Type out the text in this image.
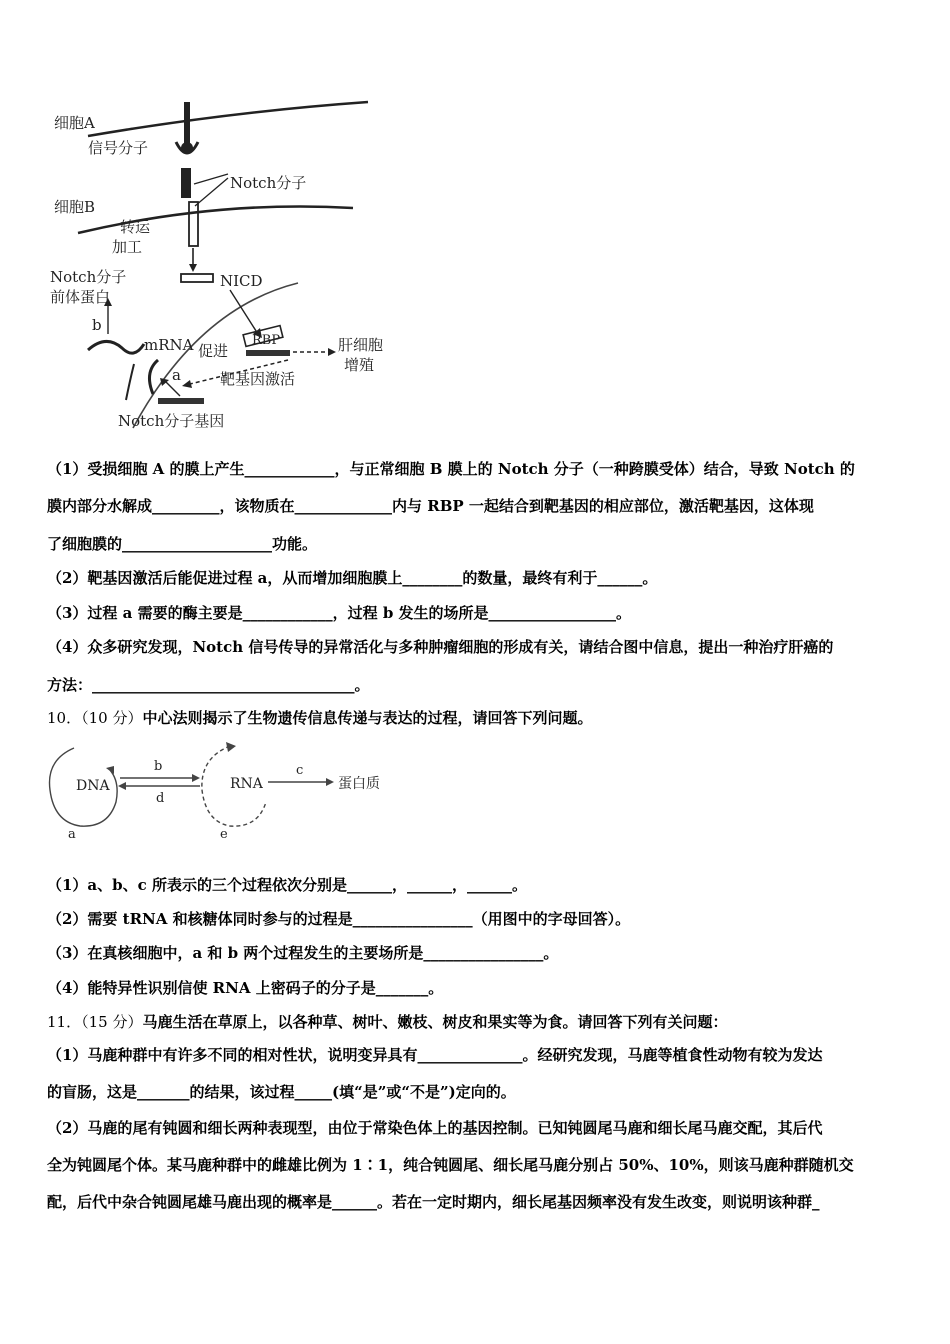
细胞A
信号分子
Notch分子
细胞B
转运
加工
NICD
Notch分子
前体蛋白
b
mRNA 促进
RBP	肝细胞
增殖
a	靶基因激活
Notch分子基因
（1）受损细胞 A 的膜上产生____________，与正常细胞 B 膜上的 Notch 分子（一种跨膜受体）结合，导致 Notch 的
膜内部分水解成_________，该物质在_____________内与 RBP 一起结合到靶基因的相应部位，激活靶基因，这体现
了细胞膜的____________________功能。
（2）靶基因激活后能促进过程 a，从而增加细胞膜上________的数量，最终有利于______。
（3）过程 a 需要的酶主要是____________，过程 b 发生的场所是_________________。
（4）众多研究发现，Notch 信号传导的异常活化与多种肿瘤细胞的形成有关，请结合图中信息，提出一种治疗肝癌的
方法：___________________________________。
10．（10 分）中心法则揭示了生物遗传信息传递与表达的过程，请回答下列问题。
DNA	RNA	蛋白质
a
b	c
d
e
（1）a、b、c 所表示的三个过程依次分别是______，______，______。
（2）需要 tRNA 和核糖体同时参与的过程是________________（用图中的字母回答）。
（3）在真核细胞中，a 和 b 两个过程发生的主要场所是________________。
（4）能特异性识别信使 RNA 上密码子的分子是_______。
11．（15 分）马鹿生活在草原上，以各种草、树叶、嫩枝、树皮和果实等为食。请回答下列有关问题：
（1）马鹿种群中有许多不同的相对性状，说明变异具有______________。经研究发现，马鹿等植食性动物有较为发达
的盲肠，这是_______的结果，该过程_____(填“是”或“不是”)定向的。
（2）马鹿的尾有钝圆和细长两种表现型，由位于常染色体上的基因控制。已知钝圆尾马鹿和细长尾马鹿交配，其后代
全为钝圆尾个体。某马鹿种群中的雌雄比例为 1∶1，纯合钝圆尾、细长尾马鹿分别占 50%、10%，则该马鹿种群随机交
配，后代中杂合钝圆尾雄马鹿出现的概率是______。若在一定时期内，细长尾基因频率没有发生改变，则说明该种群_
